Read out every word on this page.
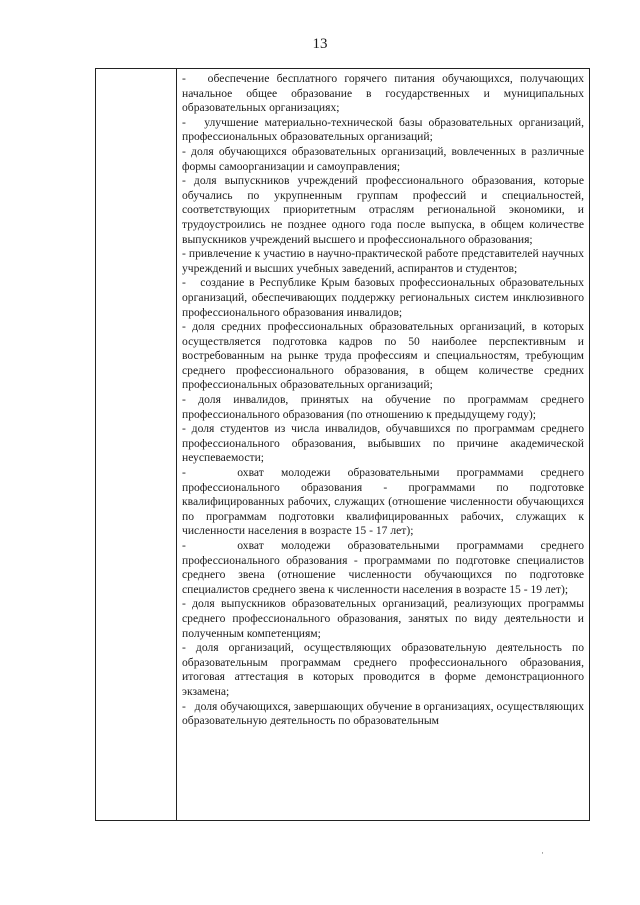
13

-   обеспечение бесплатного горячего питания обучающихся, получающих начальное общее образование в государственных и муниципальных образовательных организациях;

-   улучшение материально-технической базы образовательных организаций, профессиональных образовательных организаций;

- доля обучающихся образовательных организаций, вовлеченных в различные формы самоорганизации и самоуправления;

- доля выпускников учреждений профессионального образования, которые обучались по укрупненным группам профессий и специальностей, соответствующих приоритетным отраслям региональной экономики, и трудоустроились не позднее одного года после выпуска, в общем количестве выпускников учреждений высшего и профессионального образования;

- привлечение к участию в научно-практической работе представителей научных учреждений и высших учебных заведений, аспирантов и студентов;

-   создание в Республике Крым базовых профессиональных образовательных организаций, обеспечивающих поддержку региональных систем инклюзивного профессионального образования инвалидов;

- доля средних профессиональных образовательных организаций, в которых осуществляется подготовка кадров по 50 наиболее перспективным и востребованным на рынке труда профессиям и специальностям, требующим среднего профессионального образования, в общем количестве средних профессиональных образовательных организаций;

- доля инвалидов, принятых на обучение по программам среднего профессионального образования (по отношению к предыдущему году);

- доля студентов из числа инвалидов, обучавшихся по программам среднего профессионального образования, выбывших по причине академической неуспеваемости;

-   охват молодежи образовательными программами среднего профессионального образования - программами по подготовке квалифицированных рабочих, служащих (отношение численности обучающихся по программам подготовки квалифицированных рабочих, служащих к численности населения в возрасте 15 - 17 лет);

-   охват молодежи образовательными программами среднего профессионального образования - программами по подготовке специалистов среднего звена (отношение численности обучающихся по подготовке специалистов среднего звена к численности населения в возрасте 15 - 19 лет);

- доля выпускников образовательных организаций, реализующих программы среднего профессионального образования, занятых по виду деятельности и полученным компетенциям;

- доля организаций, осуществляющих образовательную деятельность по образовательным программам среднего профессионального образования, итоговая аттестация в которых проводится в форме демонстрационного экзамена;

-   доля обучающихся, завершающих обучение в организациях, осуществляющих образовательную деятельность по образовательным

·
